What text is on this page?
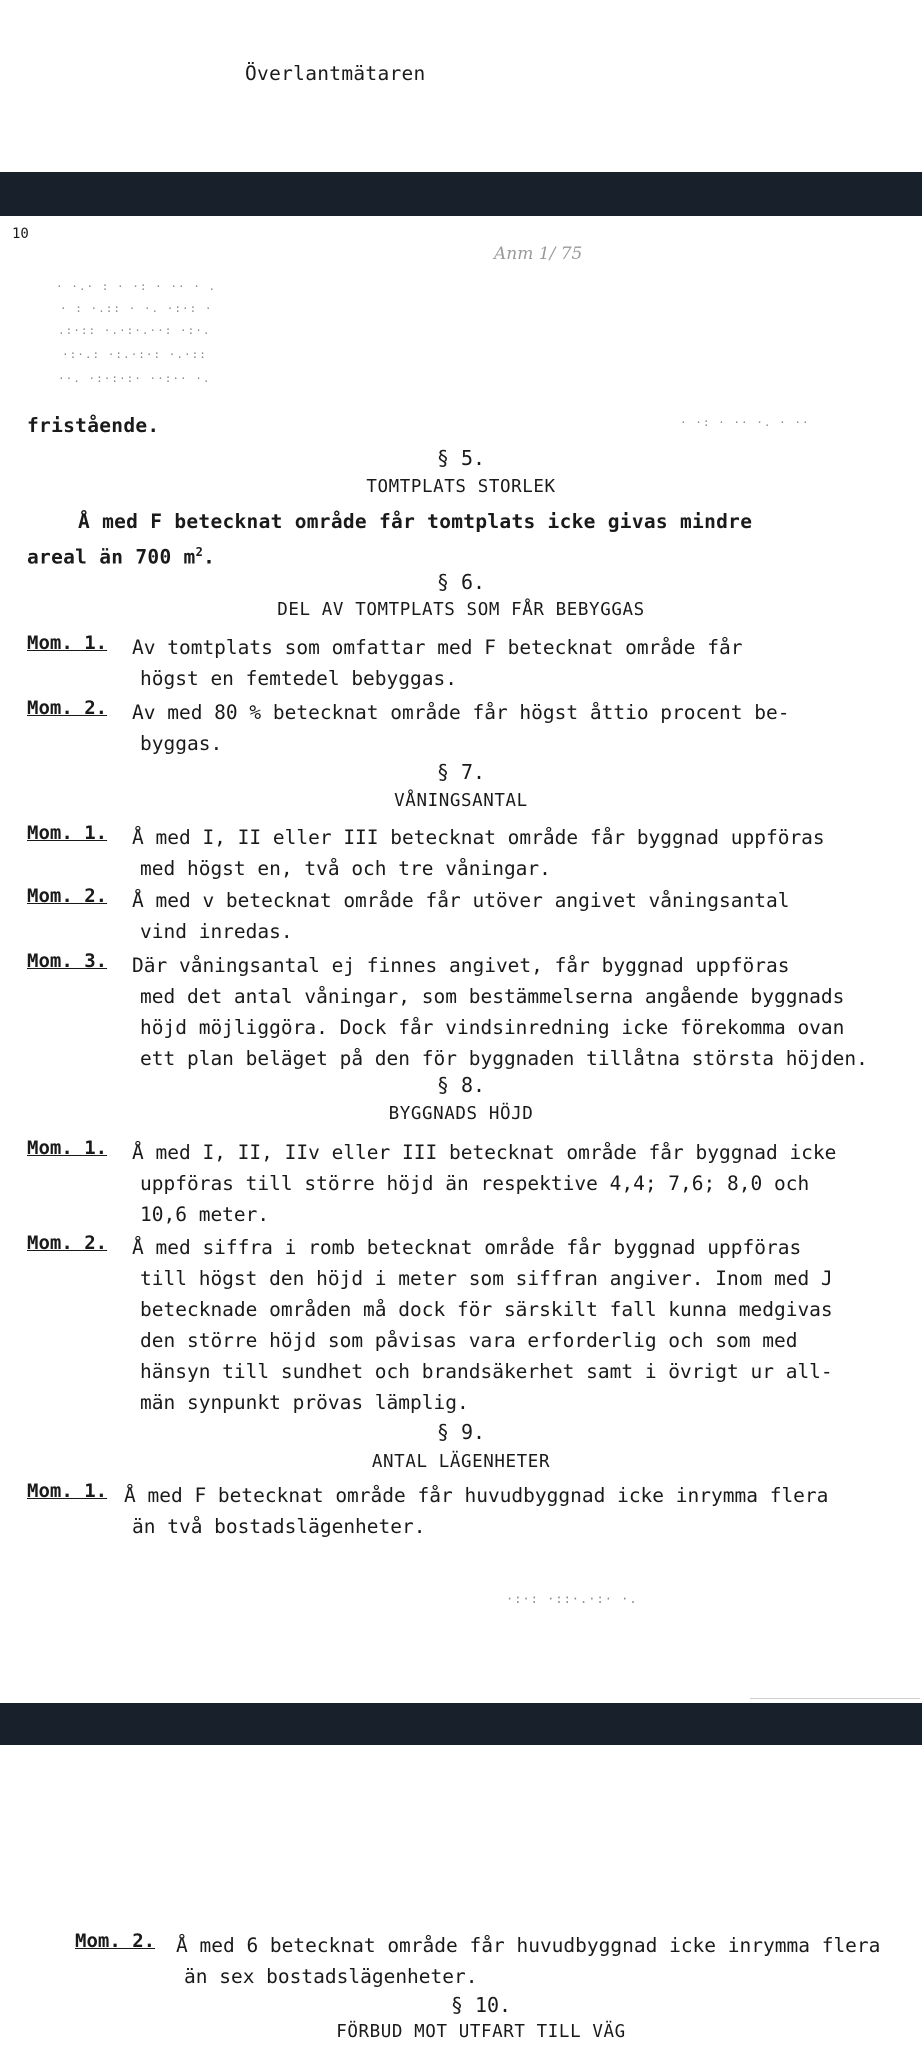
Överlantmätaren
10
Anm 1/ 75
· ·.· : · ·: · ·· · .
· : ·.:: · ·. ·:·: ·
.:·:: ·.·:·.··: ·:·.
·:·.: ·:.·:·: ·.·::
··. ·:·:·:· ··:·· ·.
· ·: · ·· ·. · ··
fristående.
§ 5.
TOMTPLATS STORLEK
Å med F betecknat område får tomtplats icke givas mindre
areal än 700 $m^2$.
§ 6.
DEL AV TOMTPLATS SOM FÅR BEBYGGAS
Mom. 1. Av tomtplats som omfattar med F betecknat område får
högst en femtedel bebyggas.
Mom. 2. Av med 80 % betecknat område får högst åttio procent be-
byggas.
§ 7.
VÅNINGSANTAL
Mom. 1. Å med I, II eller III betecknat område får byggnad uppföras
med högst en, två och tre våningar.
Mom. 2. Å med v betecknat område får utöver angivet våningsantal
vind inredas.
Mom. 3. Där våningsantal ej finnes angivet, får byggnad uppföras
med det antal våningar, som bestämmelserna angående byggnads
höjd möjliggöra. Dock får vindsinredning icke förekomma ovan
ett plan beläget på den för byggnaden tillåtna största höjden.
§ 8.
BYGGNADS HÖJD
Mom. 1. Å med I, II, IIv eller III betecknat område får byggnad icke
uppföras till större höjd än respektive 4,4; 7,6; 8,0 och
10,6 meter.
Mom. 2. Å med siffra i romb betecknat område får byggnad uppföras
till högst den höjd i meter som siffran angiver. Inom med J
betecknade områden må dock för särskilt fall kunna medgivas
den större höjd som påvisas vara erforderlig och som med
hänsyn till sundhet och brandsäkerhet samt i övrigt ur all-
män synpunkt prövas lämplig.
§ 9.
ANTAL LÄGENHETER
Mom. 1. Å med F betecknat område får huvudbyggnad icke inrymma flera
än två bostadslägenheter.
·:·: ·::·.·:· ·.
Mom. 2. Å med 6 betecknat område får huvudbyggnad icke inrymma flera
än sex bostadslägenheter.
§ 10.
FÖRBUD MOT UTFART TILL VÄG
